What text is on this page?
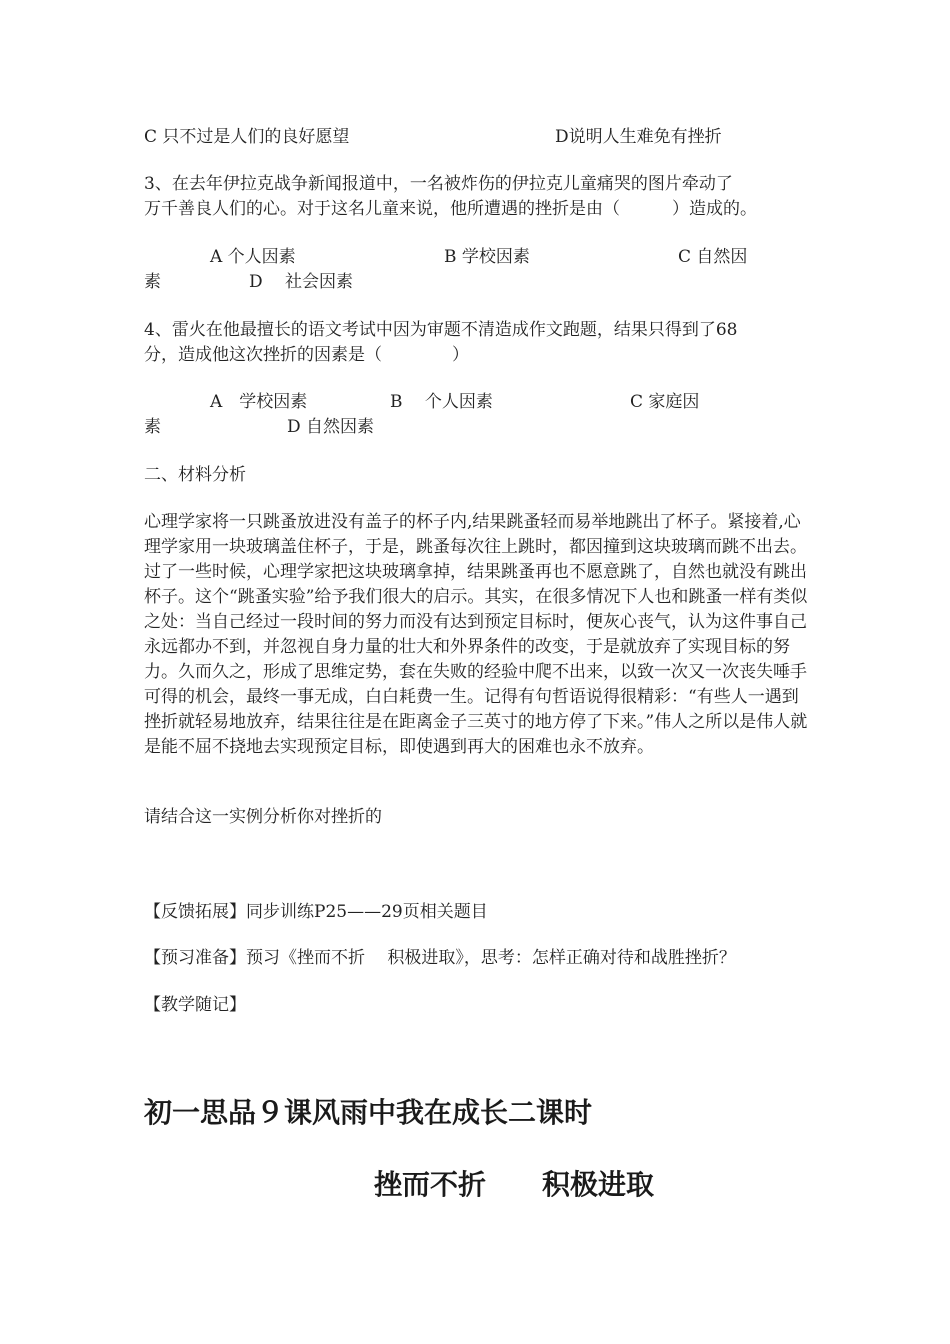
C 只不过是人们的良好愿望	D说明人生难免有挫折
3、在去年伊拉克战争新闻报道中，一名被炸伤的伊拉克儿童痛哭的图片牵动了
万千善良人们的心。对于这名儿童来说，他所遭遇的挫折是由（	）造成的。
A 个人因素	B 学校因素	C 自然因
素	D　 社会因素
4、雷火在他最擅长的语文考试中因为审题不清造成作文跑题，结果只得到了68
分，造成他这次挫折的因素是（	）
A　学校因素	B　 个人因素	C 家庭因
素	D 自然因素
二、材料分析
心理学家将一只跳蚤放进没有盖子的杯子内,结果跳蚤轻而易举地跳出了杯子。紧接着,心理学家用一块玻璃盖住杯子，于是，跳蚤每次往上跳时，都因撞到这块玻璃而跳不出去。过了一些时候，心理学家把这块玻璃拿掉，结果跳蚤再也不愿意跳了，自然也就没有跳出杯子。这个“跳蚤实验”给予我们很大的启示。其实，在很多情况下人也和跳蚤一样有类似之处：当自己经过一段时间的努力而没有达到预定目标时，便灰心丧气，认为这件事自己永远都办不到，并忽视自身力量的壮大和外界条件的改变，于是就放弃了实现目标的努力。久而久之，形成了思维定势，套在失败的经验中爬不出来，以致一次又一次丧失唾手可得的机会，最终一事无成，白白耗费一生。记得有句哲语说得很精彩：“有些人一遇到挫折就轻易地放弃，结果往往是在距离金子三英寸的地方停了下来。”伟人之所以是伟人就是能不屈不挠地去实现预定目标，即使遇到再大的困难也永不放弃。
请结合这一实例分析你对挫折的
【反馈拓展】同步训练P25——29页相关题目
【预习准备】预习《挫而不折　 积极进取》，思考：怎样正确对待和战胜挫折？
【教学随记】
初一思品９课风雨中我在成长二课时
挫而不折　　积极进取
